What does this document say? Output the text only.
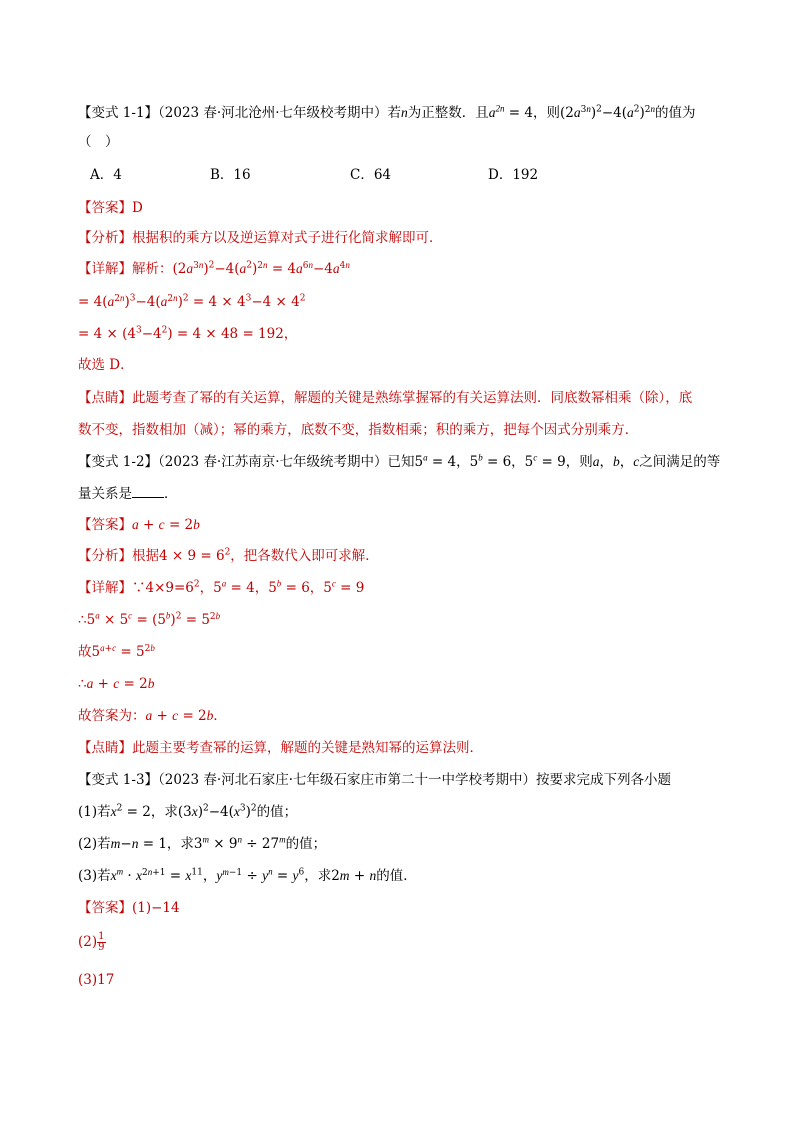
【变式 1-1】（2023 春·河北沧州·七年级校考期中）若n为正整数．且$a^{2n} = 4$，则$(2a^{3n})^2-4(a^2)^{2n}$的值为
（　）
A．4	B．16	C．64	D．192
【答案】D
【分析】根据积的乘方以及逆运算对式子进行化简求解即可．
【详解】解析：$(2a^{3n})^2-4(a^2)^{2n} = 4a^{6n}-4a^{4n}$
= $4(a^{2n})^3-4(a^{2n})^2 = 4 \times 4^3-4 \times 4^2$
= $4 \times (4^3-4^2) = 4 \times 48 = 192$，
故选 D．
【点睛】此题考查了幂的有关运算，解题的关键是熟练掌握幂的有关运算法则．同底数幂相乘（除），底
数不变，指数相加（减）；幂的乘方，底数不变，指数相乘；积的乘方，把每个因式分别乘方．
【变式 1-2】（2023 春·江苏南京·七年级统考期中）已知$5^a = 4$，$5^b = 6$，$5^c = 9$，则a，b，c之间满足的等
量关系是 ．
【答案】a + c = 2b
【分析】根据$4 \times 9 = 6^2$，把各数代入即可求解．
【详解】$\because 4\times 9=6^2$，$5^a = 4$，$5^b = 6$，$5^c = 9$
$\therefore 5^a \times 5^c = (5^b)^2 = 5^{2b}$
故$5^{a+c} = 5^{2b}$
∴a + c = 2b
故答案为：a + c = 2b．
【点睛】此题主要考查幂的运算，解题的关键是熟知幂的运算法则．
【变式 1-3】（2023 春·河北石家庄·七年级石家庄市第二十一中学校考期中）按要求完成下列各小题
(1)若$x^2 = 2$，求$(3x)^2-4(x^3)^2$的值；
(2)若m−n = 1，求$3^m \times 9^n \div 27^m$的值；
(3)若$x^m \cdot x^{2n+1} = x^{11}$，$y^{m-1} \div y^n = y^6$，求2m + n的值．
【答案】(1)−14
$(2) \frac{1}{9}$
(3)17
